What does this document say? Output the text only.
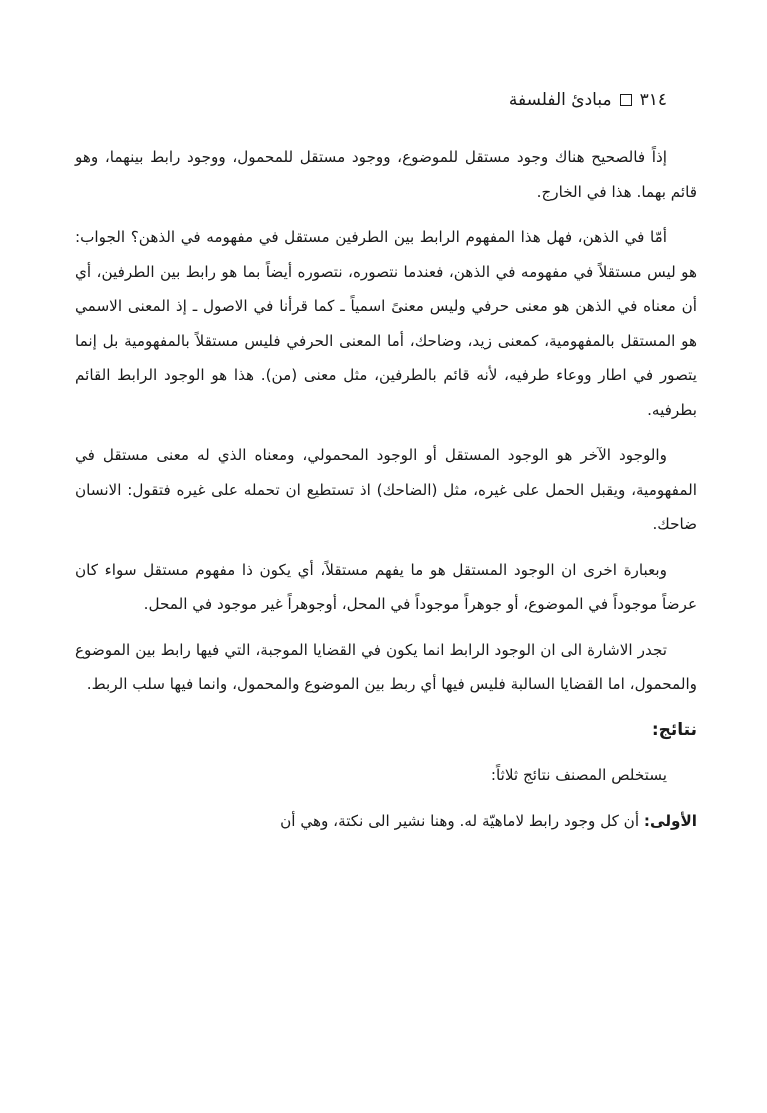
٣١٤
مبادئ الفلسفة

إذاً فالصحيح هناك وجود مستقل للموضوع، ووجود مستقل للمحمول، ووجود رابط بينهما، وهو قائم بهما. هذا في الخارج.

أمّا في الذهن، فهل هذا المفهوم الرابط بين الطرفين مستقل في مفهومه في الذهن؟ الجواب: هو ليس مستقلاً في مفهومه في الذهن، فعندما نتصوره، نتصوره أيضاً بما هو رابط بين الطرفين، أي أن معناه في الذهن هو معنى حرفي وليس معنىً اسمياً ـ كما قرأنا في الاصول ـ إذ المعنى الاسمي هو المستقل بالمفهومية، كمعنى زيد، وضاحك، أما المعنى الحرفي فليس مستقلاً بالمفهومية بل إنما يتصور في اطار ووعاء طرفيه، لأنه قائم بالطرفين، مثل معنى (من). هذا هو الوجود الرابط القائم بطرفيه.

والوجود الآخر هو الوجود المستقل أو الوجود المحمولي، ومعناه الذي له معنى مستقل في المفهومية، ويقبل الحمل على غيره، مثل (الضاحك) اذ تستطيع ان تحمله على غيره فتقول: الانسان ضاحك.

وبعبارة اخرى ان الوجود المستقل هو ما يفهم مستقلاً، أي يكون ذا مفهوم مستقل سواء كان عرضاً موجوداً في الموضوع، أو جوهراً موجوداً في المحل، أوجوهراً غير موجود في المحل.

تجدر الاشارة الى ان الوجود الرابط انما يكون في القضايا الموجبة، التي فيها رابط بين الموضوع والمحمول، اما القضايا السالبة فليس فيها أي ربط بين الموضوع والمحمول، وانما فيها سلب الربط.

نتائج:

يستخلص المصنف نتائج ثلاثاً:

الأولى: أن كل وجود رابط لاماهيّة له. وهنا نشير الى نكتة، وهي أن
